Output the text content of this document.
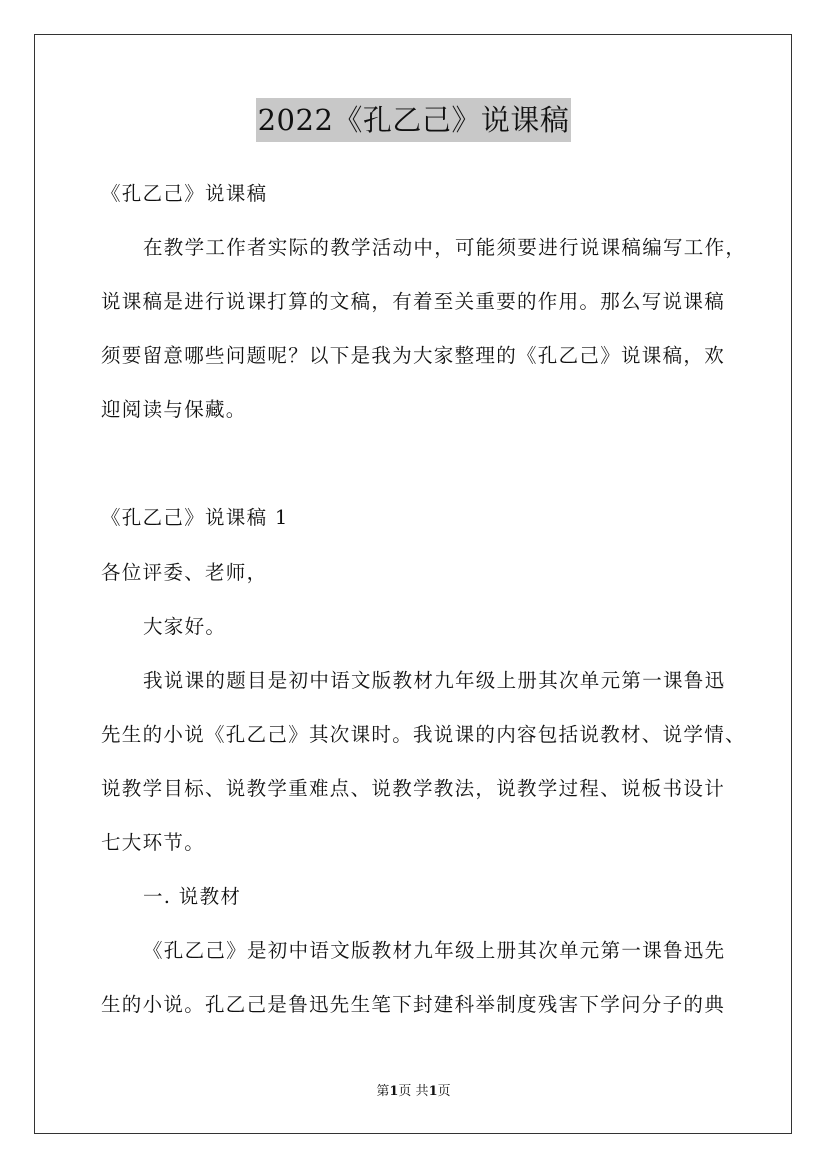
2022《孔乙己》说课稿
《孔乙己》说课稿
在教学工作者实际的教学活动中，可能须要进行说课稿编写工作，
说课稿是进行说课打算的文稿，有着至关重要的作用。那么写说课稿
须要留意哪些问题呢？以下是我为大家整理的《孔乙己》说课稿，欢
迎阅读与保藏。
《孔乙己》说课稿 1
各位评委、老师，
大家好。
我说课的题目是初中语文版教材九年级上册其次单元第一课鲁迅
先生的小说《孔乙己》其次课时。我说课的内容包括说教材、说学情、
说教学目标、说教学重难点、说教学教法，说教学过程、说板书设计
七大环节。
一. 说教材
《孔乙己》是初中语文版教材九年级上册其次单元第一课鲁迅先
生的小说。孔乙己是鲁迅先生笔下封建科举制度残害下学问分子的典
第1页 共1页
